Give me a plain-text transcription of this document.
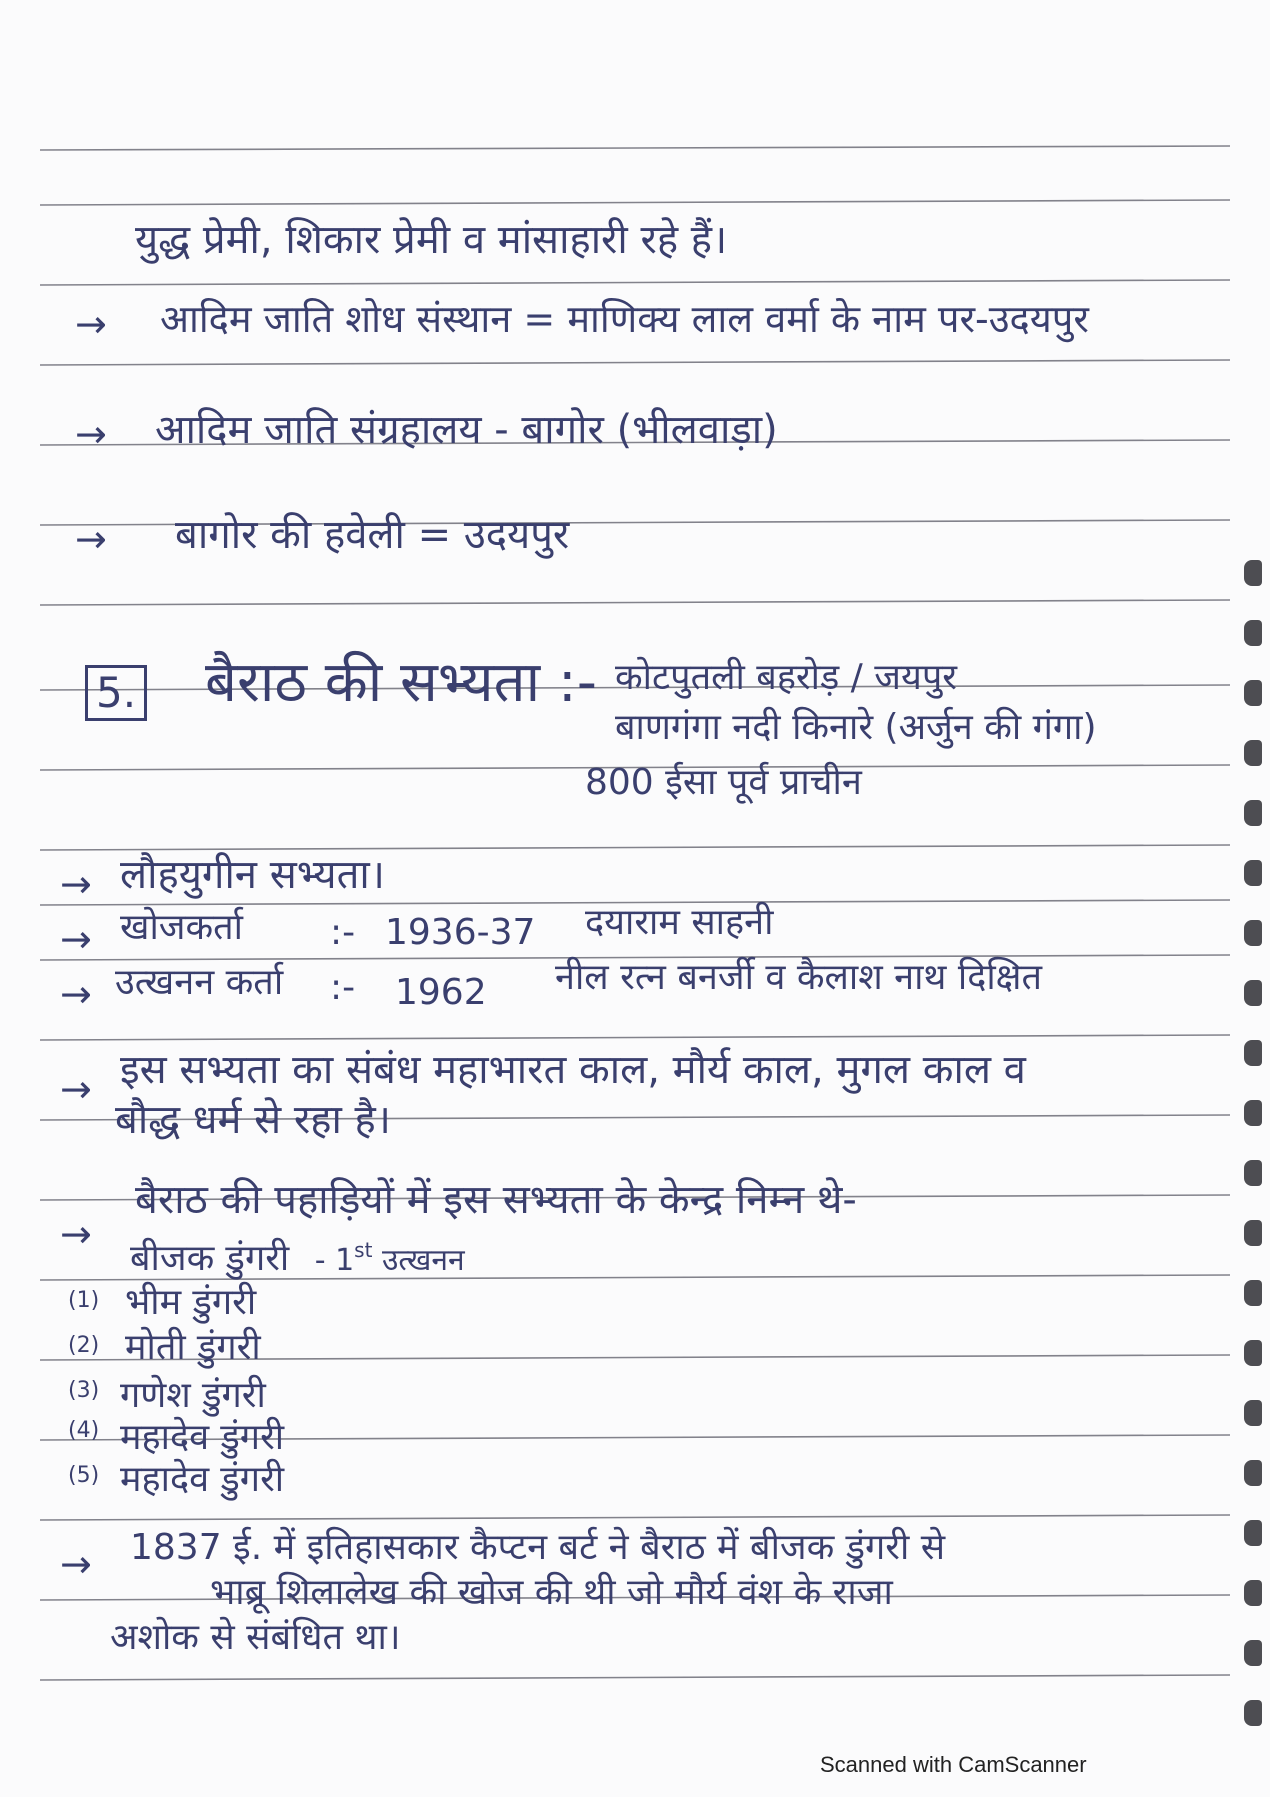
युद्ध प्रेमी, शिकार प्रेमी व मांसाहारी रहे हैं।
→ आदिम जाति शोध संस्थान = माणिक्य लाल वर्मा के नाम पर-उदयपुर
→ आदिम जाति संग्रहालय - बागोर (भीलवाड़ा)
→ बागोर की हवेली = उदयपुर
5. बैराठ की सभ्यता :- कोटपुतली बहरोड़ / जयपुर
बाणगंगा नदी किनारे (अर्जुन की गंगा)
800 ईसा पूर्व प्राचीन
→ लौहयुगीन सभ्यता।
→ खोजकर्ता :- 1936-37 दयाराम साहनी
→ उत्खनन कर्ता :- 1962 नील रत्न बनर्जी व कैलाश नाथ दिक्षित
→ इस सभ्यता का संबंध महाभारत काल, मौर्य काल, मुगल काल व
बौद्ध धर्म से रहा है।
→
बैराठ की पहाड़ियों में इस सभ्यता के केन्द्र निम्न थे-
बीजक डुंगरी - 1st उत्खनन
(1) भीम डुंगरी
(2) मोती डुंगरी
(3) गणेश डुंगरी
(4) महादेव डुंगरी
(5) महादेव डुंगरी
→ 1837 ई. में इतिहासकार कैप्टन बर्ट ने बैराठ में बीजक डुंगरी से
भाब्रू शिलालेख की खोज की थी जो मौर्य वंश के राजा
अशोक से संबंधित था।
Scanned with CamScanner
